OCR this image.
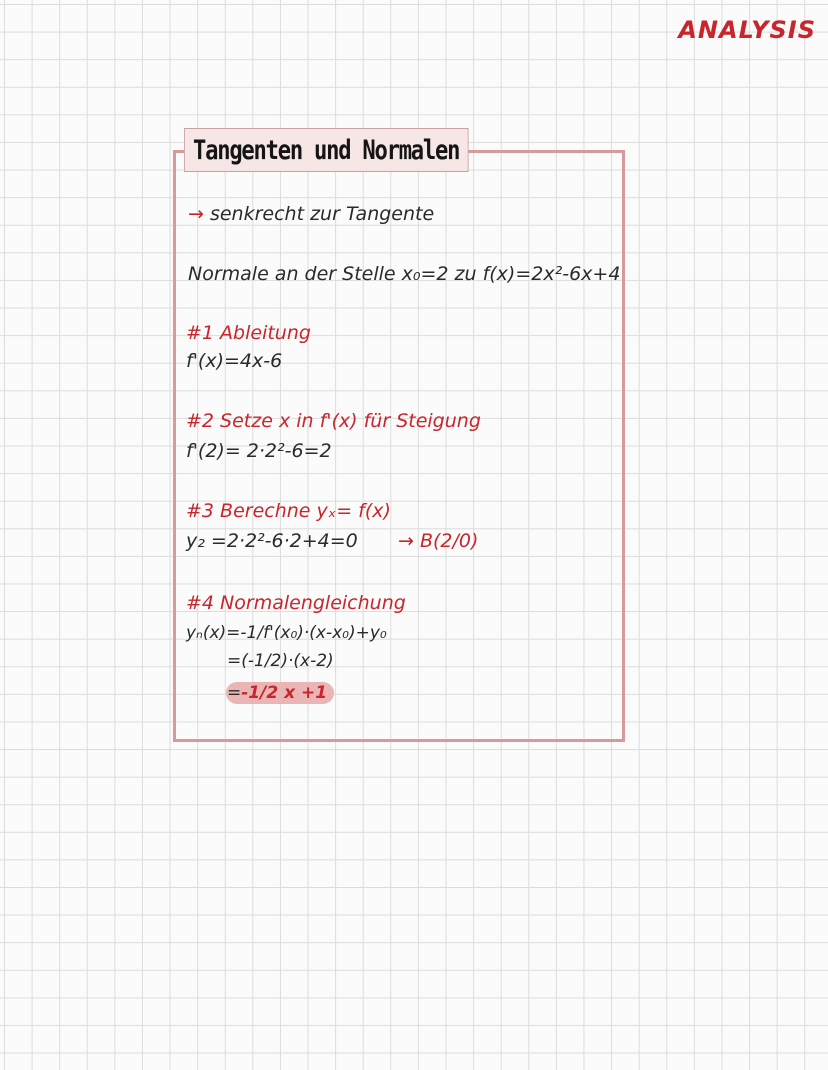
ANALYSIS
Tangenten und Normalen
→ senkrecht zur Tangente
Normale an der Stelle x₀=2 zu f(x)=2x²-6x+4
#1 Ableitung
f'(x)=4x-6
#2 Setze x in f'(x) für Steigung
f'(2)= 2·2²-6=2
#3 Berechne yₓ= f(x)
y₂ =2·2²-6·2+4=0 → B(2/0)
#4 Normalengleichung
yₙ(x)=-1/f'(x₀)·(x-x₀)+y₀
=(-1/2)·(x-2)
=-1/2 x +1
